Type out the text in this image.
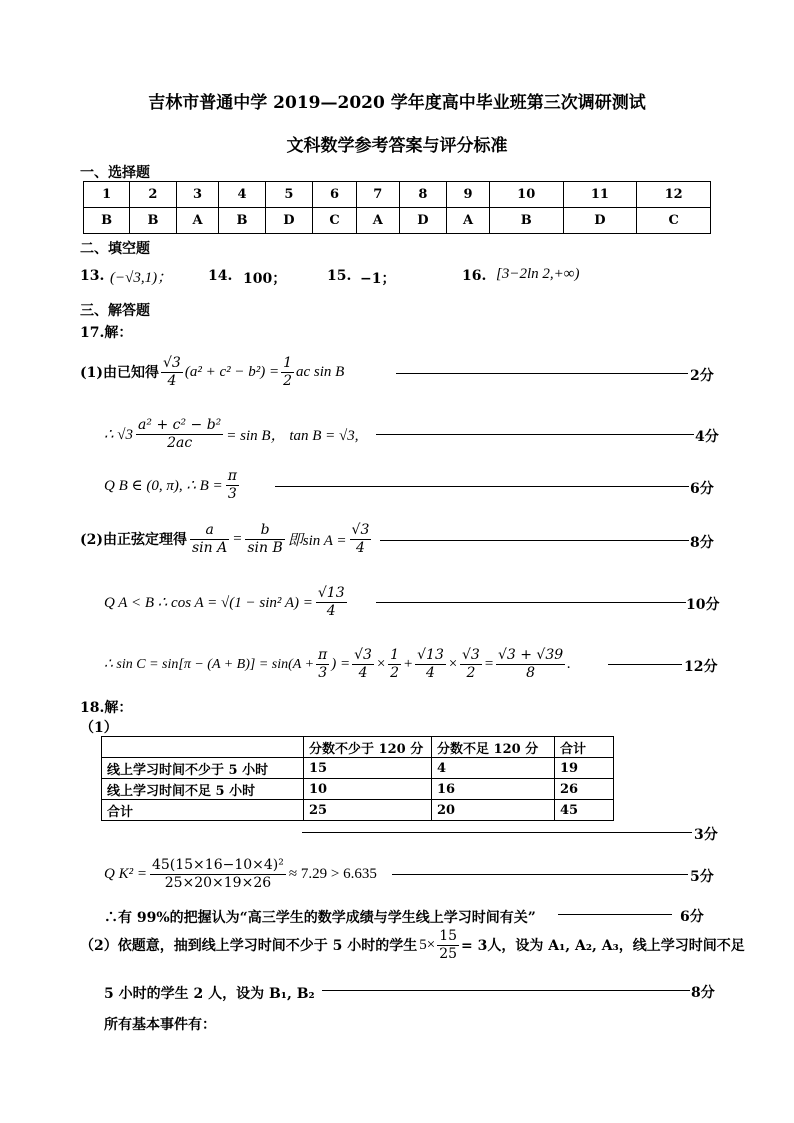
吉林市普通中学 2019—2020 学年度高中毕业班第三次调研测试
文科数学参考答案与评分标准
一、选择题
1	2	3	4	5	6	7	8	9	10	11	12
B	B	A	B	D	C	A	D	A	B	D	C
二、填空题
13. (−√3,1)；	14. 100；	15. −1；	16. [3−2ln 2,+∞)
三、解答题
17.解：
(1)由已知得 $\frac{√3}{4} (a^2 + c^2 - b^2) = \frac{1}{2}$ ac sin B	2分
∴ $√3 \frac{\text{a² + c² − b²}}{2ac} = \sin B$， tan B = √3,	4分
Q B ∈ (0, π), ∴ $B = \frac{\pi}{3}$	6分
(2)由正弦定理得 $\frac{a}{\text{sin A}} = \frac{b}{\text{sin B}}$ 即$\sin A = \frac{√3}{4}$	8分
Q A < B ∴ cos A = √(1 − sin² $A) = \frac{√13}{4}$	10分
∴ $\sin C = \sin[\pi - (A + B)] = \sin(A + \frac{\pi}{3}$ ) = $\frac{√3}{4} \times \frac{1}{2} + \frac{√13}{4} \times \frac{√3}{2} = \frac{√3 + √39}{8}$ .	12分
18.解：
（1）
	分数不少于 120 分	分数不足 120 分	合计
线上学习时间不少于 5 小时	15	4	19
线上学习时间不足 5 小时	10	16	26
合计	25	20	45
3分
Q $K^2 = \frac{\text{45(15×16−10×4)²}}{25\times 20\times 19\times 26} \approx 7.29 > 6.635$	5分
∴有 99%的把握认为“高三学生的数学成绩与学生线上学习时间有关”	6分
（2）依题意，抽到线上学习时间不少于 5 小时的学生 $5\times \frac{15}{25} = 3$人，设为 A₁, A₂, A₃，线上学习时间不足
5 小时的学生 2 人，设为 B₁, B₂	8分
所有基本事件有：
